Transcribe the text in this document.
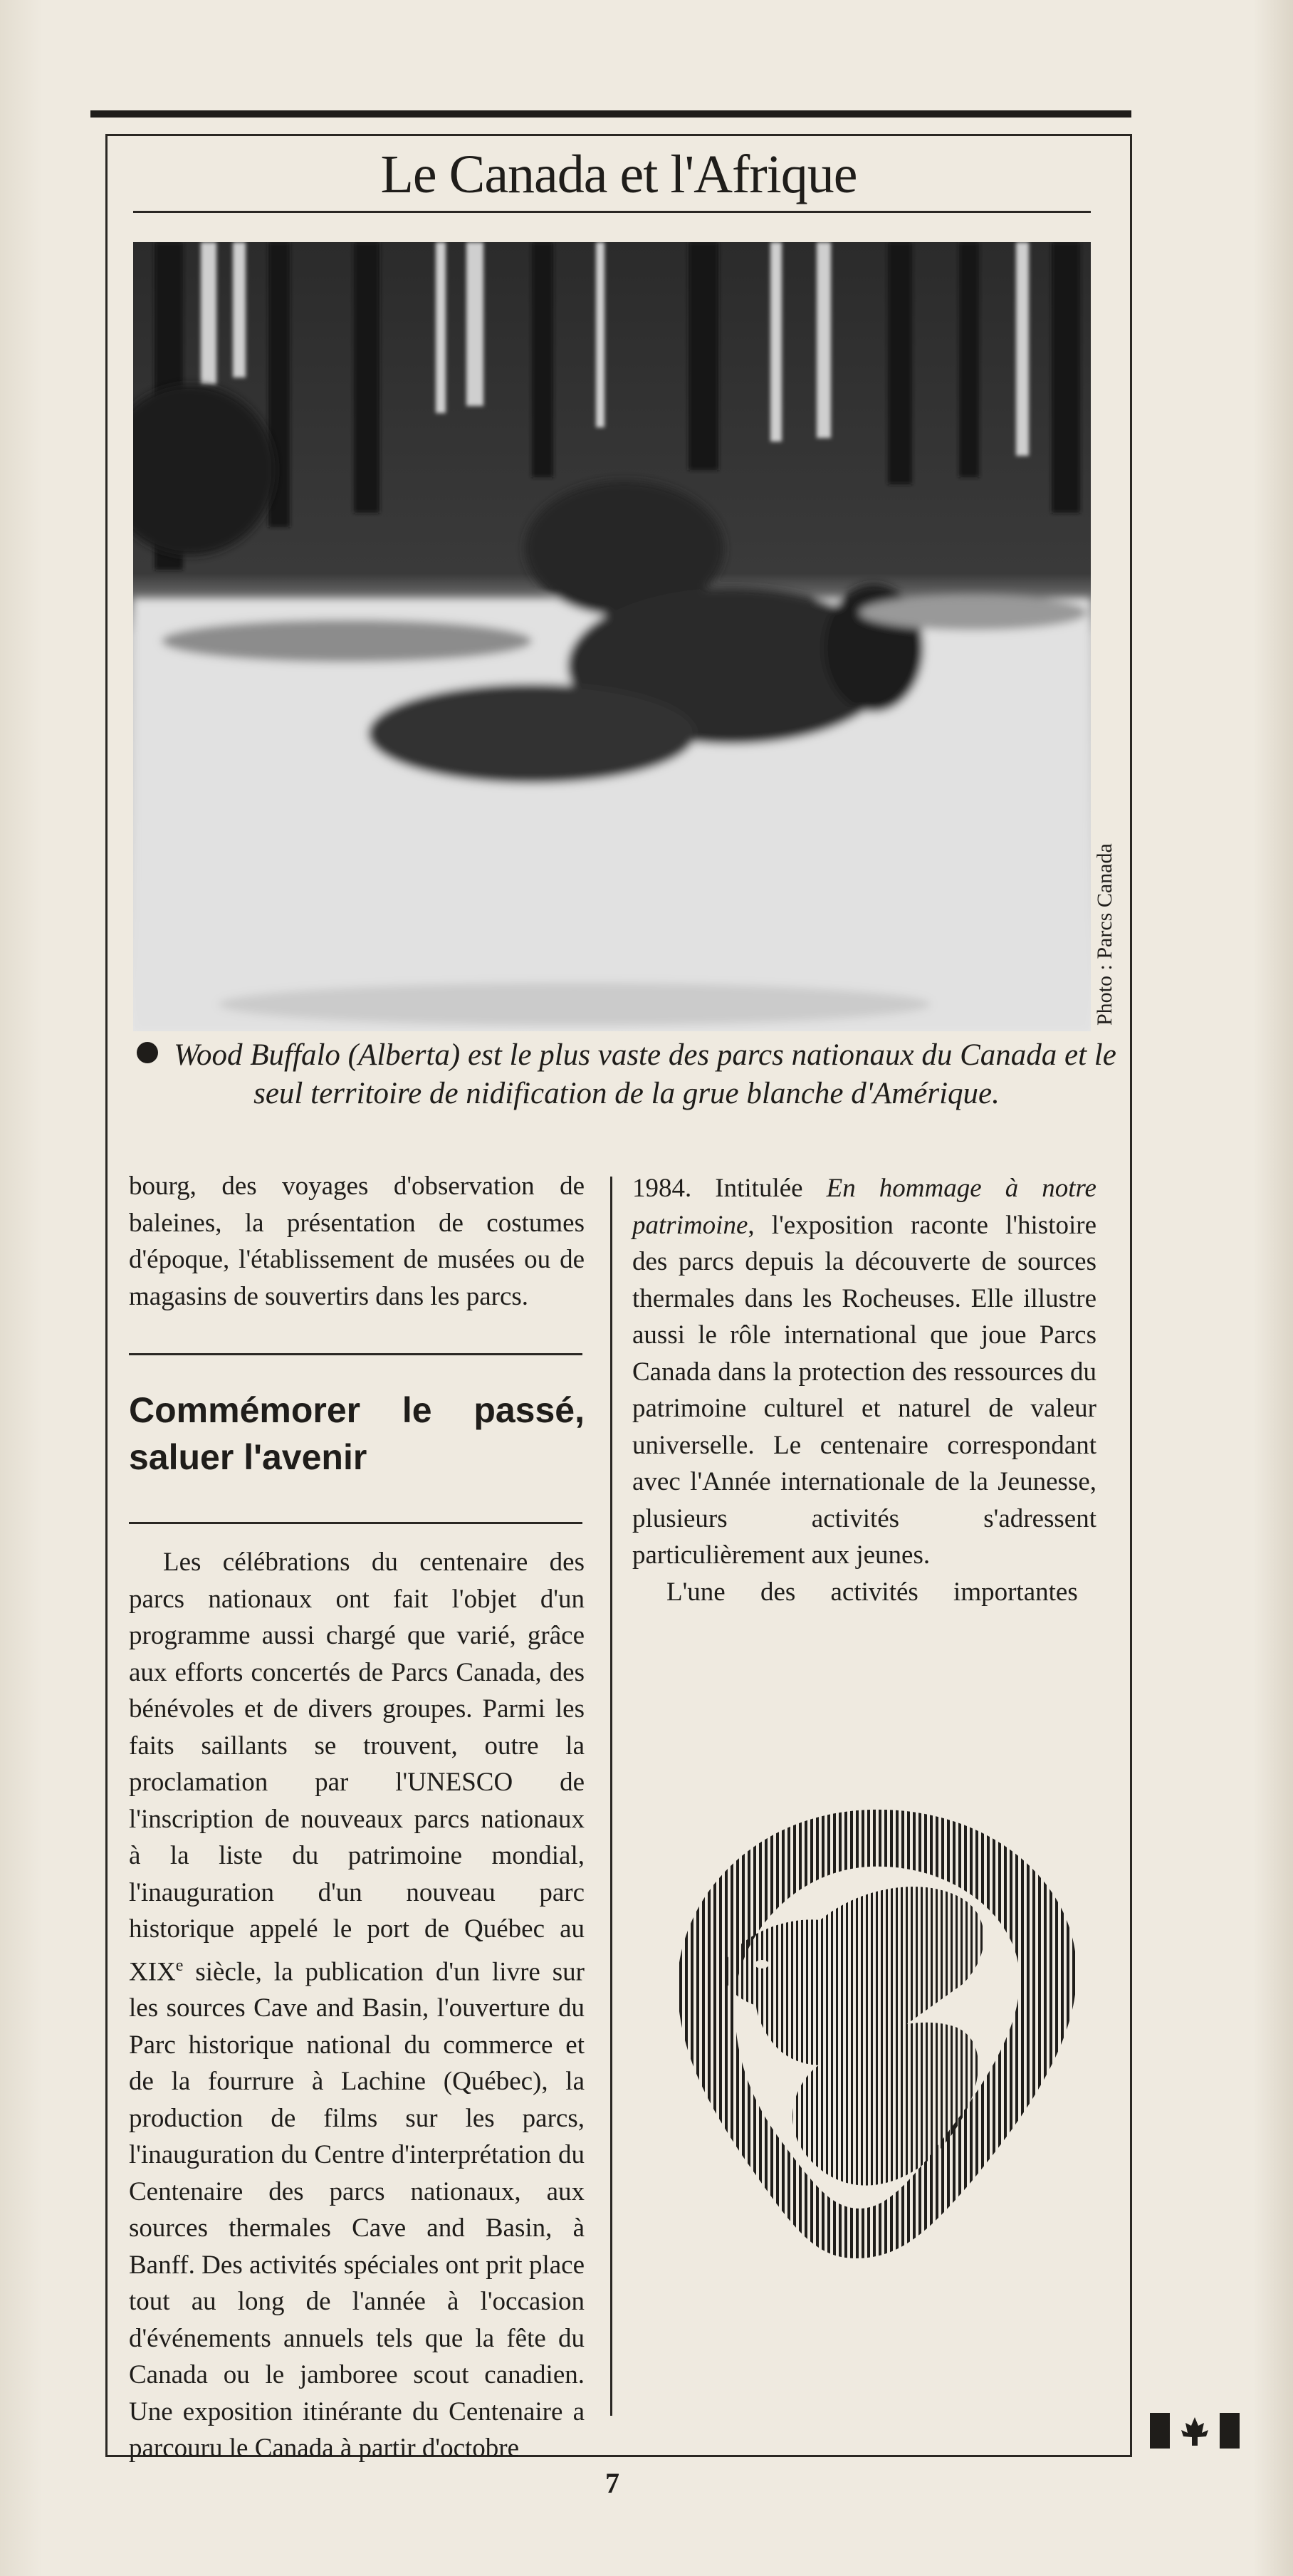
Le Canada et l'Afrique
Photo : Parcs Canada
Wood Buffalo (Alberta) est le plus vaste des parcs nationaux du Canada et le seul territoire de nidification de la grue blanche d'Amérique.

bourg, des voyages d'observation de baleines, la présentation de costumes d'époque, l'établissement de musées ou de magasins de souvertirs dans les parcs.

Commémorer le passé, saluer l'avenir

Les célébrations du centenaire des parcs nationaux ont fait l'objet d'un programme aussi chargé que varié, grâce aux efforts concertés de Parcs Canada, des bénévoles et de divers groupes. Parmi les faits saillants se trouvent, outre la proclamation par l'UNESCO de l'inscription de nouveaux parcs nationaux à la liste du patrimoine mondial, l'inauguration d'un nouveau parc historique appelé le port de Québec au XIXe siècle, la publication d'un livre sur les sources Cave and Basin, l'ouverture du Parc historique national du commerce et de la fourrure à Lachine (Québec), la production de films sur les parcs, l'inauguration du Centre d'interprétation du Centenaire des parcs nationaux, aux sources thermales Cave and Basin, à Banff. Des activités spéciales ont prit place tout au long de l'année à l'occasion d'événements annuels tels que la fête du Canada ou le jamboree scout canadien. Une exposition itinérante du Centenaire a parcouru le Canada à partir d'octobre

1984. Intitulée En hommage à notre patrimoine, l'exposition raconte l'histoire des parcs depuis la découverte de sources thermales dans les Rocheuses. Elle illustre aussi le rôle international que joue Parcs Canada dans la protection des ressources du patrimoine culturel et naturel de valeur universelle. Le centenaire correspondant avec l'Année internationale de la Jeunesse, plusieurs activités s'adressent particulièrement aux jeunes.

L'une des activités importantes

7
